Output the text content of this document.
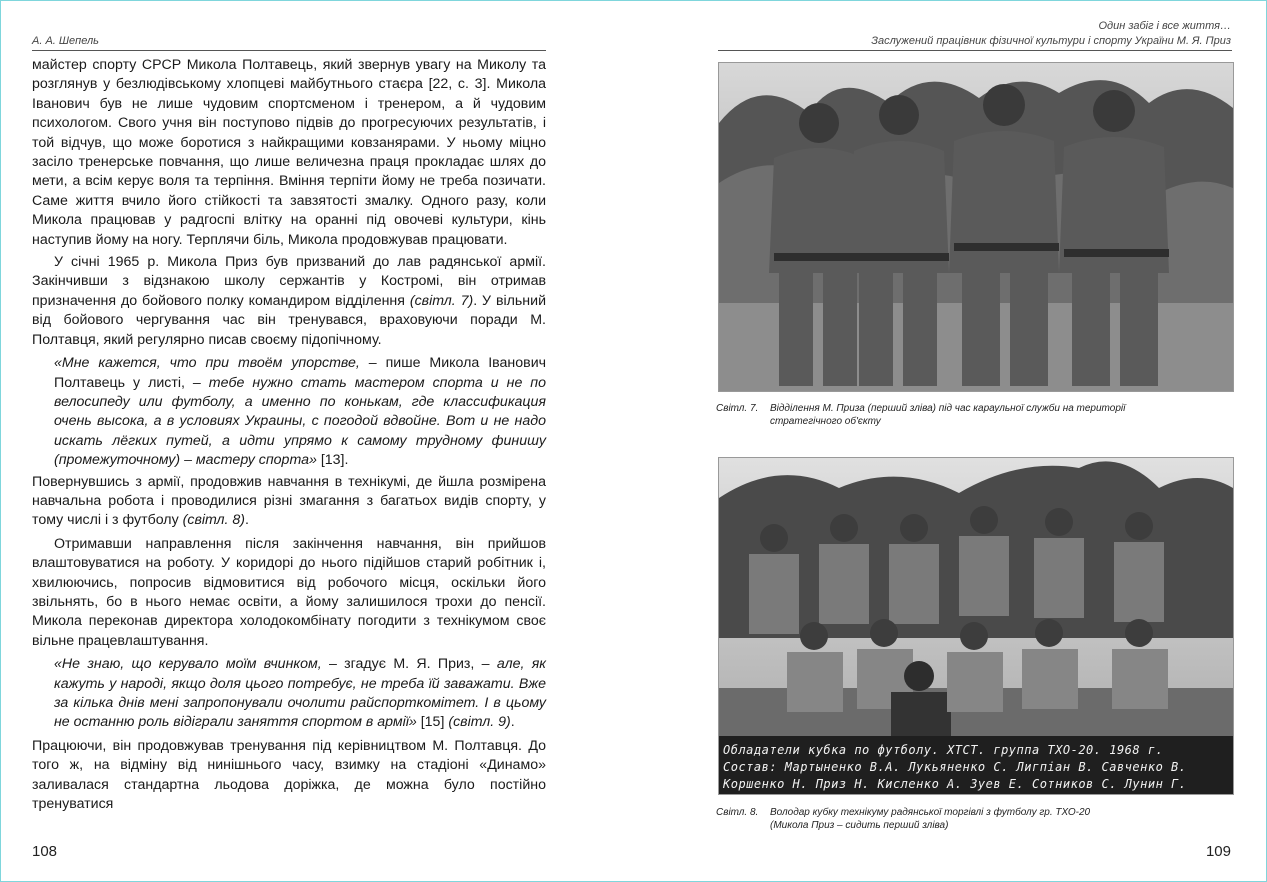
А. А. Шепель

майстер спорту СРСР Микола Полтавець, який звернув увагу на Миколу та розглянув у безлюдівському хлопцеві майбутнього стаєра [22, с. 3]. Микола Іванович був не лише чудовим спортсменом і тренером, а й чудовим психологом. Свого учня він поступово підвів до прогресуючих результатів, і той відчув, що може боротися з найкращими ковзанярами. У ньому міцно засіло тренерське повчання, що лише величезна праця прокладає шлях до мети, а всім керує воля та терпіння. Вміння терпіти йому не треба позичати. Саме життя вчило його стійкості та завзятості змалку. Одного разу, коли Микола працював у радгоспі влітку на оранні під овочеві культури, кінь наступив йому на ногу. Терплячи біль, Микола продовжував працювати.

У січні 1965 р. Микола Приз був призваний до лав радянської армії. Закінчивши з відзнакою школу сержантів у Костромі, він отримав призначення до бойового полку командиром відділення (світл. 7). У вільний від бойового чергування час він тренувався, враховуючи поради М. Полтавця, який регулярно писав своєму підопічному.

«Мне кажется, что при твоём упорстве, – пише Микола Іванович Полтавець у листі, – тебе нужно стать мастером спорта и не по велосипеду или футболу, а именно по конькам, где классификация очень высока, а в условиях Украины, с погодой вдвойне. Вот и не надо искать лёгких путей, а идти упрямо к самому трудному финишу (промежуточному) – мастеру спорта» [13].

Повернувшись з армії, продовжив навчання в технікумі, де йшла розмірена навчальна робота і проводилися різні змагання з багатьох видів спорту, у тому числі і з футболу (світл. 8).

Отримавши направлення після закінчення навчання, він прийшов влаштовуватися на роботу. У коридорі до нього підійшов старий робітник і, хвилюючись, попросив відмовитися від робочого місця, оскільки його звільнять, бо в нього немає освіти, а йому залишилося трохи до пенсії. Микола переконав директора холодокомбінату погодити з технікумом своє вільне працевлаштування.

«Не знаю, що керувало моїм вчинком, – згадує М. Я. Приз, – але, як кажуть у народі, якщо доля цього потребує, не треба їй заважати. Вже за кілька днів мені запропонували очолити райспорткомітет. І в цьому не останню роль відіграли заняття спортом в армії» [15] (світл. 9).

Працюючи, він продовжував тренування під керівництвом М. Полтавця. До того ж, на відміну від нинішнього часу, взимку на стадіоні «Динамо» заливалася стандартна льодова доріжка, де можна було постійно тренуватися

108
Один забіг і все життя…
Заслужений працівник фізичної культури і спорту України М. Я. Приз
Світл. 7.	Відділення М. Приза (перший зліва) під час караульної служби на території
стратегічного об'єкту
Обладатели кубка по футболу. ХТСТ. группа ТХО-20. 1968 г.
Состав: Мартыненко В.А. Лукьяненко С. Лигпіан В. Савченко В.
Коршенко Н. Приз Н. Кисленко А. Зуев Е. Сотников С. Лунин Г.
Світл. 8.	Володар кубку технікуму радянської торгівлі з футболу гр. ТХО-20
(Микола Приз – сидить перший зліва)
109
